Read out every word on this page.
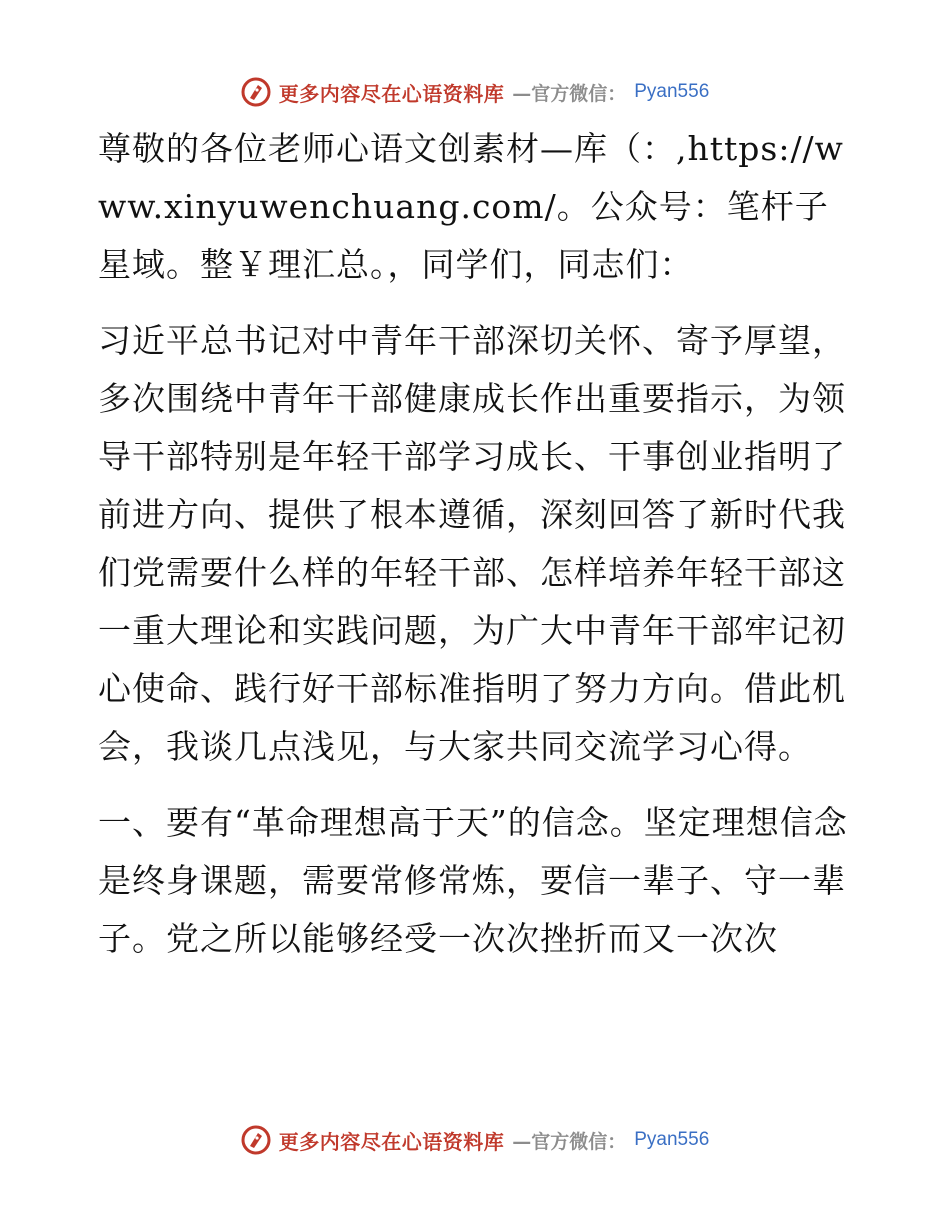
更多内容尽在心语资料库 —官方微信： Pyan556

尊敬的各位老师心语文创素材—库（：,https://www.xinyuwenchuang.com/。公众号：笔杆子星域。整￥理汇总。，同学们，同志们：

习近平总书记对中青年干部深切关怀、寄予厚望，多次围绕中青年干部健康成长作出重要指示，为领导干部特别是年轻干部学习成长、干事创业指明了前进方向、提供了根本遵循，深刻回答了新时代我们党需要什么样的年轻干部、怎样培养年轻干部这一重大理论和实践问题，为广大中青年干部牢记初心使命、践行好干部标准指明了努力方向。借此机会，我谈几点浅见，与大家共同交流学习心得。

一、要有“革命理想高于天”的信念。坚定理想信念是终身课题，需要常修常炼，要信一辈子、守一辈子。党之所以能够经受一次次挫折而又一次次

更多内容尽在心语资料库 —官方微信： Pyan556
